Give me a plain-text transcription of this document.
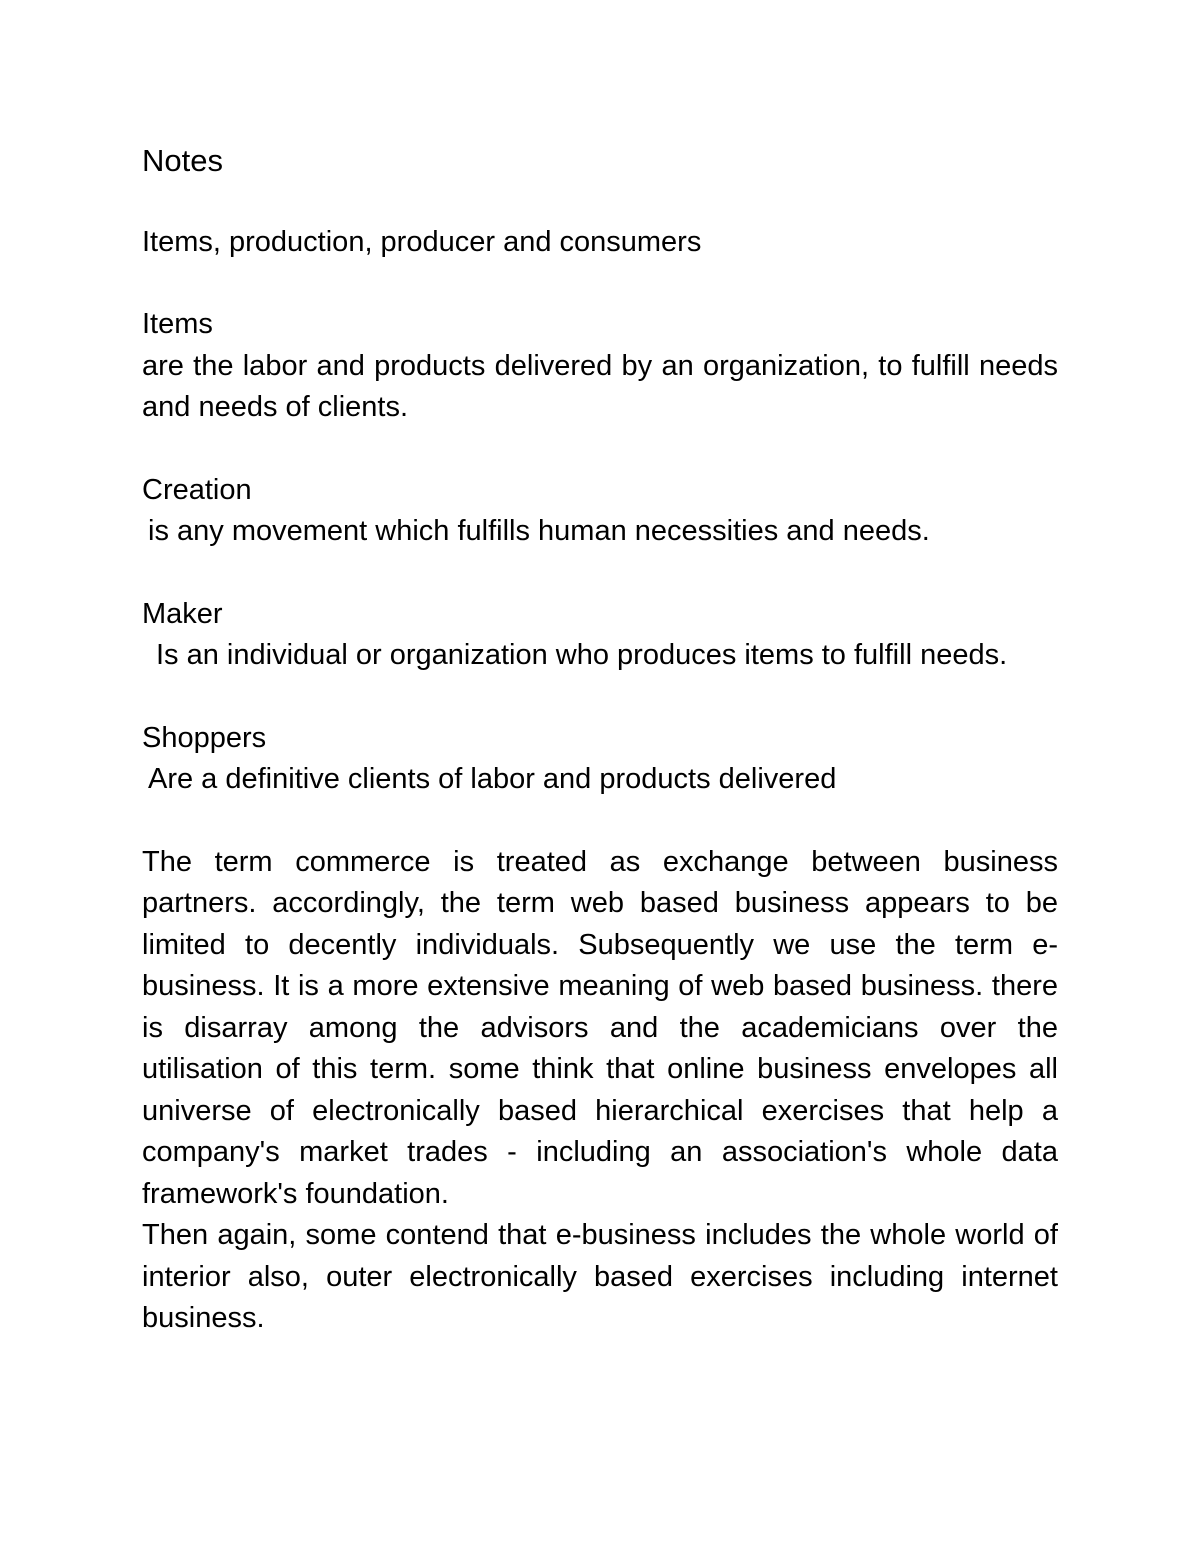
Notes
Items, production, producer and consumers
Items
are the labor and products delivered by an organization, to fulfill needs and needs of clients.
Creation
is any movement which fulfills human necessities and needs.
Maker
Is an individual or organization who produces items to fulfill needs.
Shoppers
Are a definitive clients of labor and products delivered
The term commerce is treated as exchange between business partners. accordingly, the term web based business appears to be limited to decently individuals. Subsequently we use the term e-business. It is a more extensive meaning of web based business. there is disarray among the advisors and the academicians over the utilisation of this term. some think that online business envelopes all universe of electronically based hierarchical exercises that help a company's market trades - including an association's whole data framework's foundation.
Then again, some contend that e-business includes the whole world of interior also, outer electronically based exercises including internet business.
